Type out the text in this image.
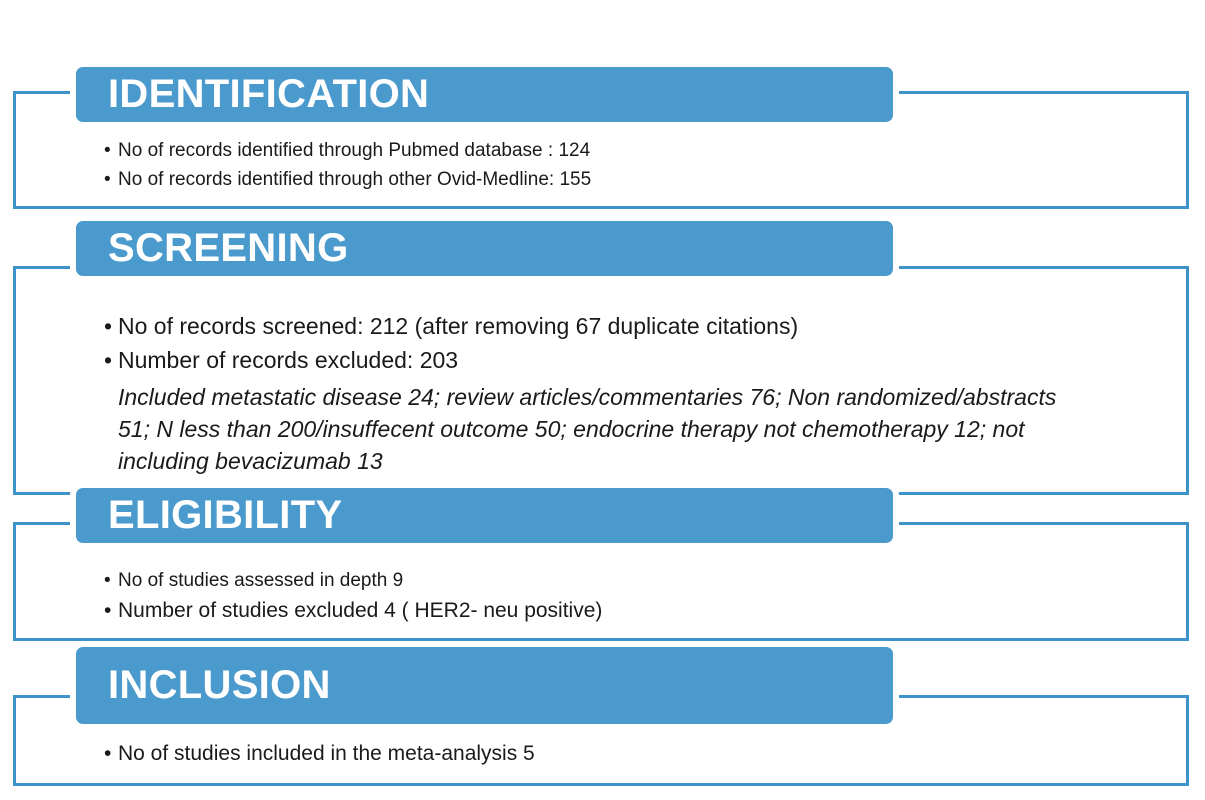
IDENTIFICATION
• No of records identified through Pubmed database : 124
• No of records identified through other Ovid-Medline: 155
SCREENING
• No of records screened: 212 (after removing 67 duplicate citations)
• Number of records excluded: 203
Included metastatic disease 24; review articles/commentaries 76; Non randomized/abstracts 51; N less than 200/insuffecent outcome 50; endocrine therapy not chemotherapy 12; not including bevacizumab 13
ELIGIBILITY
• No of studies assessed in depth 9
• Number of studies excluded 4 ( HER2- neu positive)
INCLUSION
• No of studies included in the meta-analysis 5
